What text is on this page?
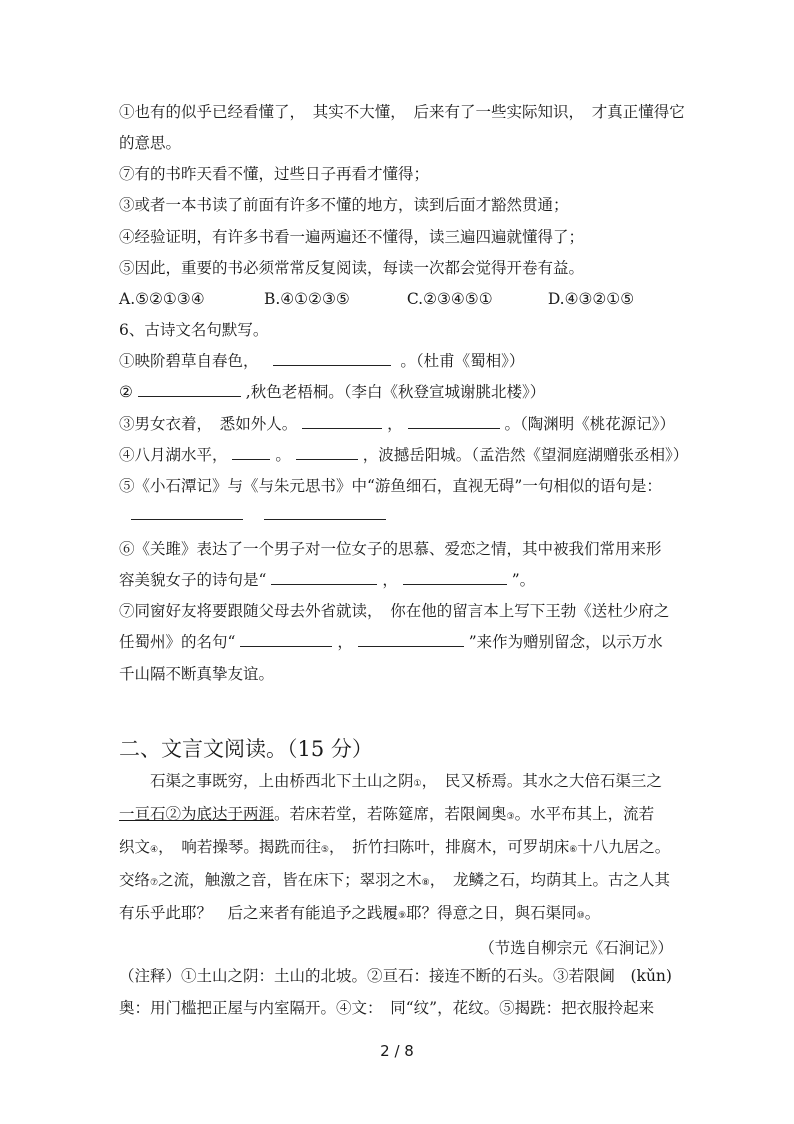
①也有的似乎已经看懂了，　其实不大懂，　后来有了一些实际知识，　才真正懂得它
的意思。
⑦有的书昨天看不懂，过些日子再看才懂得；
③或者一本书读了前面有许多不懂的地方，读到后面才豁然贯通；
④经验证明，有许多书看一遍两遍还不懂得，读三遍四遍就懂得了；
⑤因此，重要的书必须常常反复阅读，每读一次都会觉得开卷有益。
A.⑤②①③④	B.④①②③⑤	C.②③④⑤①	D.④③②①⑤
6、古诗文名句默写。
①映阶碧草自春色，	。（杜甫《蜀相》）
②	,秋色老梧桐。（李白《秋登宣城谢朓北楼》）
③男女衣着，　悉如外人。	，	。（陶渊明《桃花源记》）
④八月湖水平，	。	，波撼岳阳城。（孟浩然《望洞庭湖赠张丞相》）
⑤《小石潭记》与《与朱元思书》中“游鱼细石，直视无碍”一句相似的语句是：

⑥《关雎》表达了一个男子对一位女子的思慕、爱恋之情，其中被我们常用来形
容美貌女子的诗句是“	，	”。
⑦同窗好友将要跟随父母去外省就读，　你在他的留言本上写下王勃《送杜少府之
任蜀州》的名句“	，	”来作为赠别留念，以示万水
千山隔不断真挚友谊。
二、文言文阅读。（15 分）
石渠之事既穷，上由桥西北下土山之阴①，　民又桥焉。其水之大倍石渠三之
一亘石②为底达于两涯。若床若堂，若陈筵席，若限阃奥③。水平布其上，流若
织文④，　响若操琴。揭跣而往⑤，　折竹扫陈叶，排腐木，可罗胡床⑥十八九居之。
交络⑦之流，触激之音，皆在床下；翠羽之木⑧，　龙鳞之石，均荫其上。古之人其
有乐乎此耶？　后之来者有能追予之践履⑨耶？得意之日，與石渠同⑩。
（节选自柳宗元《石涧记》）
（注释）①土山之阴：土山的北坡。②亘石：接连不断的石头。③若限阃　(kǔn)
奥：用门槛把正屋与内室隔开。④文：　同“纹”，花纹。⑤揭跣：把衣服拎起来
2 / 8
